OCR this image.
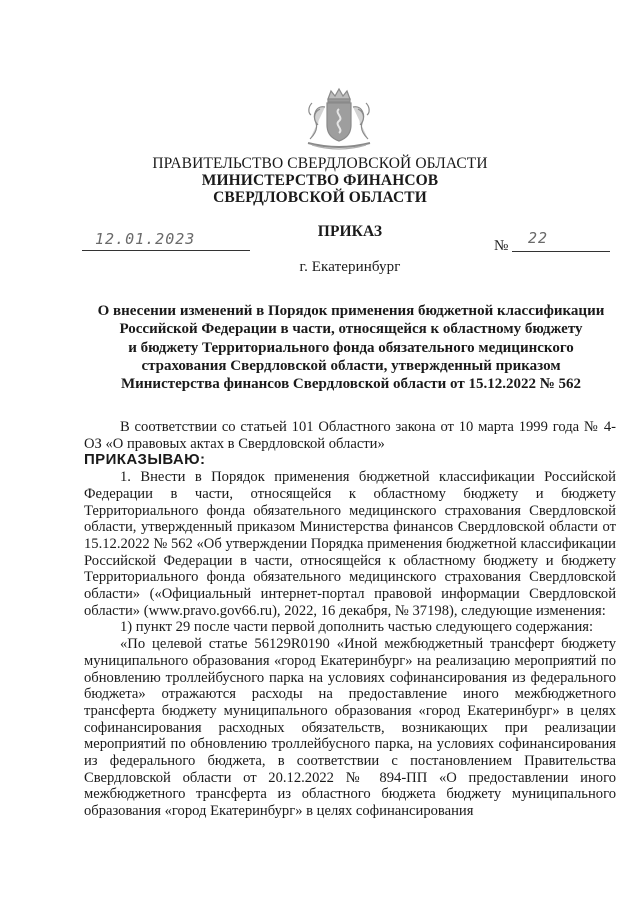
ПРАВИТЕЛЬСТВО СВЕРДЛОВСКОЙ ОБЛАСТИ
МИНИСТЕРСТВО ФИНАНСОВ
СВЕРДЛОВСКОЙ ОБЛАСТИ
ПРИКАЗ
12.01.2023	№ 22
г. Екатеринбург
О внесении изменений в Порядок применения бюджетной классификации
Российской Федерации в части, относящейся к областному бюджету
и бюджету Территориального фонда обязательного медицинского
страхования Свердловской области, утвержденный приказом
Министерства финансов Свердловской области от 15.12.2022 № 562

В соответствии со статьей 101 Областного закона от 10 марта 1999 года № 4-ОЗ «О правовых актах в Свердловской области»

ПРИКАЗЫВАЮ:

1. Внести в Порядок применения бюджетной классификации Российской Федерации в части, относящейся к областному бюджету и бюджету Территориального фонда обязательного медицинского страхования Свердловской области, утвержденный приказом Министерства финансов Свердловской области от 15.12.2022 № 562 «Об утверждении Порядка применения бюджетной классификации Российской Федерации в части, относящейся к областному бюджету и бюджету Территориального фонда обязательного медицинского страхования Свердловской области» («Официальный интернет-портал правовой информации Свердловской области» (www.pravo.gov66.ru), 2022, 16 декабря, № 37198), следующие изменения:

1) пункт 29 после части первой дополнить частью следующего содержания:

«По целевой статье 56129R0190 «Иной межбюджетный трансферт бюджету муниципального образования «город Екатеринбург» на реализацию мероприятий по обновлению троллейбусного парка на условиях софинансирования из федерального бюджета» отражаются расходы на предоставление иного межбюджетного трансферта бюджету муниципального образования «город Екатеринбург» в целях софинансирования расходных обязательств, возникающих при реализации мероприятий по обновлению троллейбусного парка, на условиях софинансирования из федерального бюджета, в соответствии с постановлением Правительства Свердловской области от 20.12.2022 № 894-ПП «О предоставлении иного межбюджетного трансферта из областного бюджета бюджету муниципального образования «город Екатеринбург» в целях софинансирования
